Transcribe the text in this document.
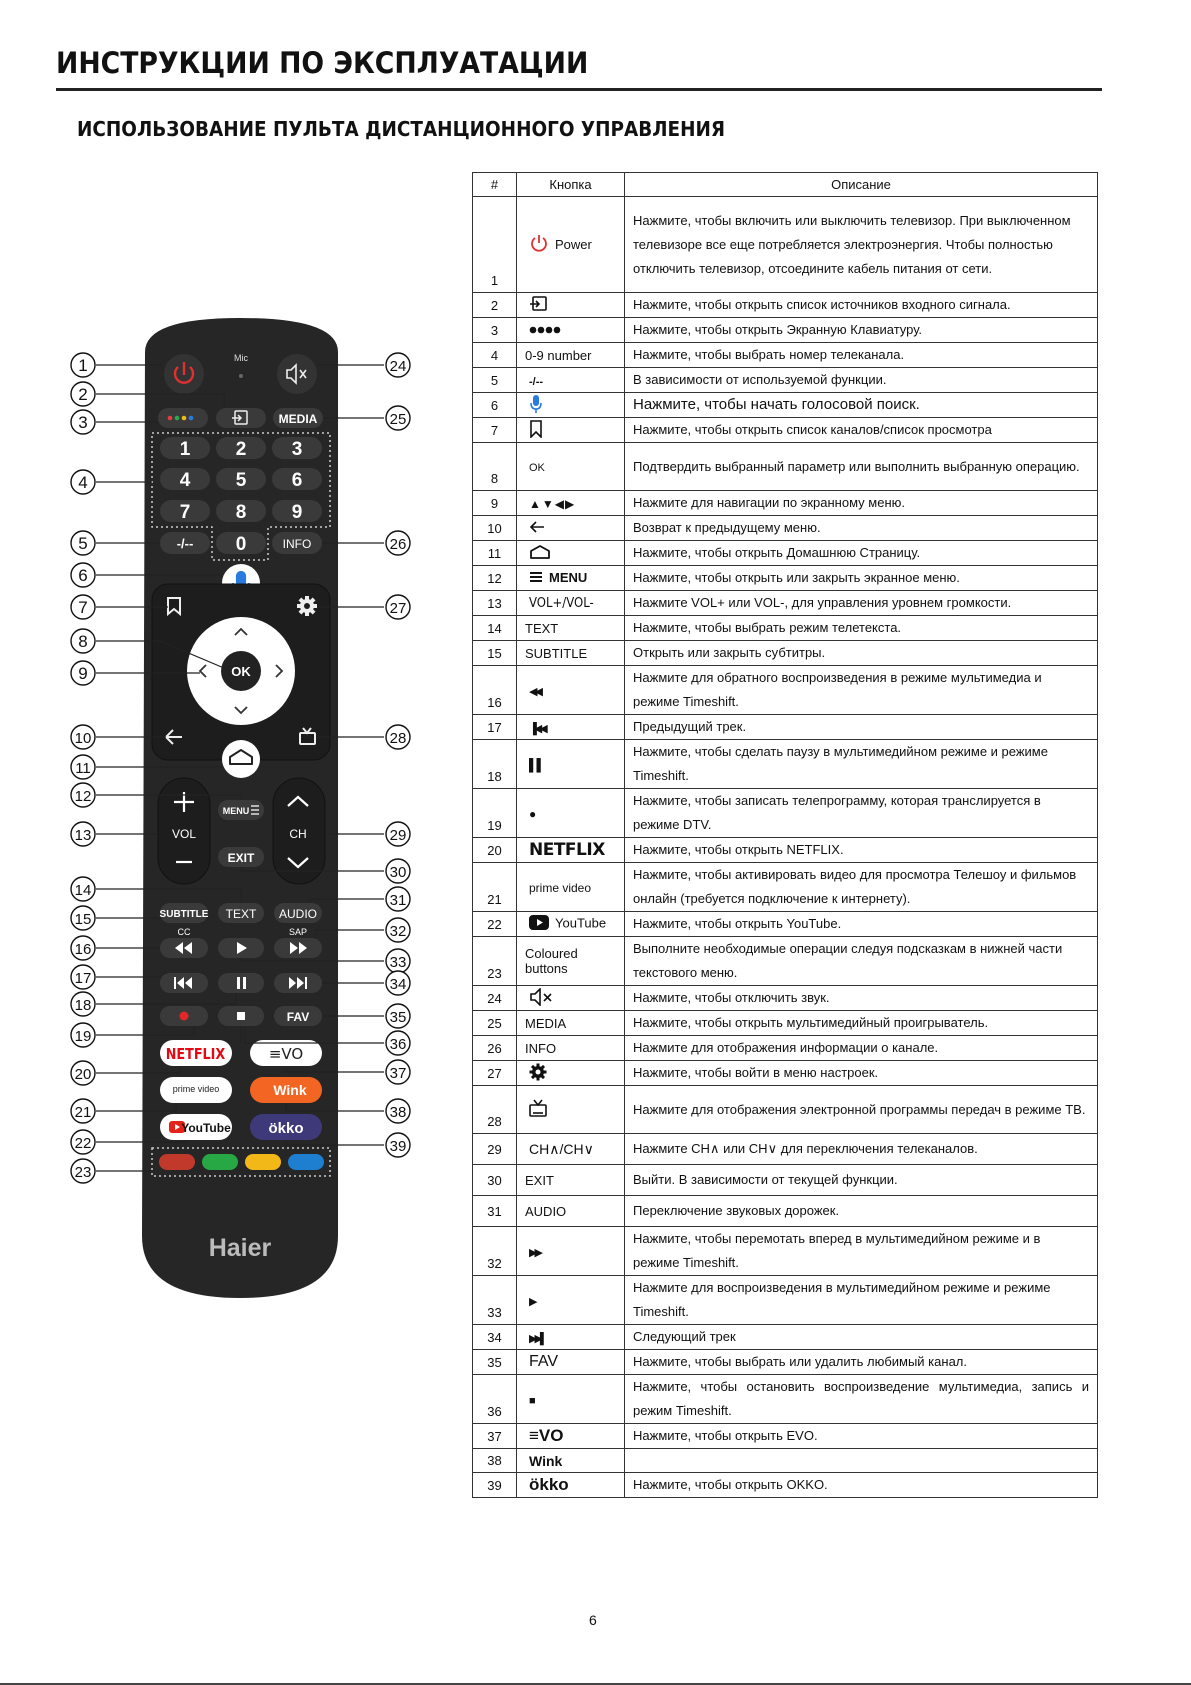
ИНСТРУКЦИИ ПО ЭКСПЛУАТАЦИИ
ИСПОЛЬЗОВАНИЕ ПУЛЬТА ДИСТАНЦИОННОГО УПРАВЛЕНИЯ
Mic
MEDIA
1 2 3
4 5 6
7 8 9
0
-/--	INFO
OK
VOL	CH
MENU
EXIT
SUBTITLE TEXT AUDIO
CC	SAP
FAV
NETFLIX	≡VO
prime video	Wink
YouTube	ökko
Haier
1
2
3
4
5
6
7
8
9
10
11
12
13
14
15
16
17
18
19
20
21
22
23
24
25
26
27
28
29
30
31
32
33
34
35
36
37
38
39
#	Кнопка	Описание
1	Power	Нажмите, чтобы включить или выключить телевизор. При выключенном телевизоре все еще потребляется электроэнергия. Чтобы полностью отключить телевизор, отсоедините кабель питания от сети.
2		Нажмите, чтобы открыть список источников входного сигнала.
3		Нажмите, чтобы открыть Экранную Клавиатуру.
4	0-9 number	Нажмите, чтобы выбрать номер телеканала.
5	-/--	В зависимости от используемой функции.
6		Нажмите, чтобы начать голосовой поиск.
7		Нажмите, чтобы открыть список каналов/список просмотра
8	OK	Подтвердить выбранный параметр или выполнить выбранную операцию.
9	▲▼◀▶	Нажмите для навигации по экранному меню.
10		Возврат к предыдущему меню.
11		Нажмите, чтобы открыть Домашнюю Страницу.
12	MENU	Нажмите, чтобы открыть или закрыть экранное меню.
13	VOL+/VOL-	Нажмите VOL+ или VOL-, для управления уровнем громкости.
14	TEXT	Нажмите, чтобы выбрать режим телетекста.
15	SUBTITLE	Открыть или закрыть субтитры.
16	◀◀	Нажмите для обратного воспроизведения в режиме мультимедиа и режиме Timeshift.
17	▐◀◀	Предыдущий трек.
18	▌▌	Нажмите, чтобы сделать паузу в мультимедийном режиме и режиме Timeshift.
19	●	Нажмите, чтобы записать телепрограмму, которая транслируется в режиме DTV.
20	NETFLIX	Нажмите, чтобы открыть NETFLIX.
21	prime video	Нажмите, чтобы активировать видео для просмотра Телешоу и фильмов онлайн (требуется подключение к интернету).
22	YouTube	Нажмите, чтобы открыть YouTube.
23	Coloured buttons	Выполните необходимые операции следуя подсказкам в нижней части текстового меню.
24		Нажмите, чтобы отключить звук.
25	MEDIA	Нажмите, чтобы открыть мультимедийный проигрыватель.
26	INFO	Нажмите для отображения информации о канале.
27		Нажмите, чтобы войти в меню настроек.
28		Нажмите для отображения электронной программы передач в режиме ТВ.
29	CH∧/CH∨	Нажмите CH∧ или CH∨ для переключения телеканалов.
30	EXIT	Выйти. В зависимости от текущей функции.
31	AUDIO	Переключение звуковых дорожек.
32	▶▶	Нажмите, чтобы перемотать вперед в мультимедийном режиме и в режиме Timeshift.
33	▶	Нажмите для воспроизведения в мультимедийном режиме и режиме Timeshift.
34	▶▶▌	Следующий трек
35	FAV	Нажмите, чтобы выбрать или удалить любимый канал.
36	■	Нажмите, чтобы остановить воспроизведение мультимедиа, запись и режим Timeshift.
37	≡VO	Нажмите, чтобы открыть EVO.
38	Wink	
39	ökko	Нажмите, чтобы открыть OKKO.
6
